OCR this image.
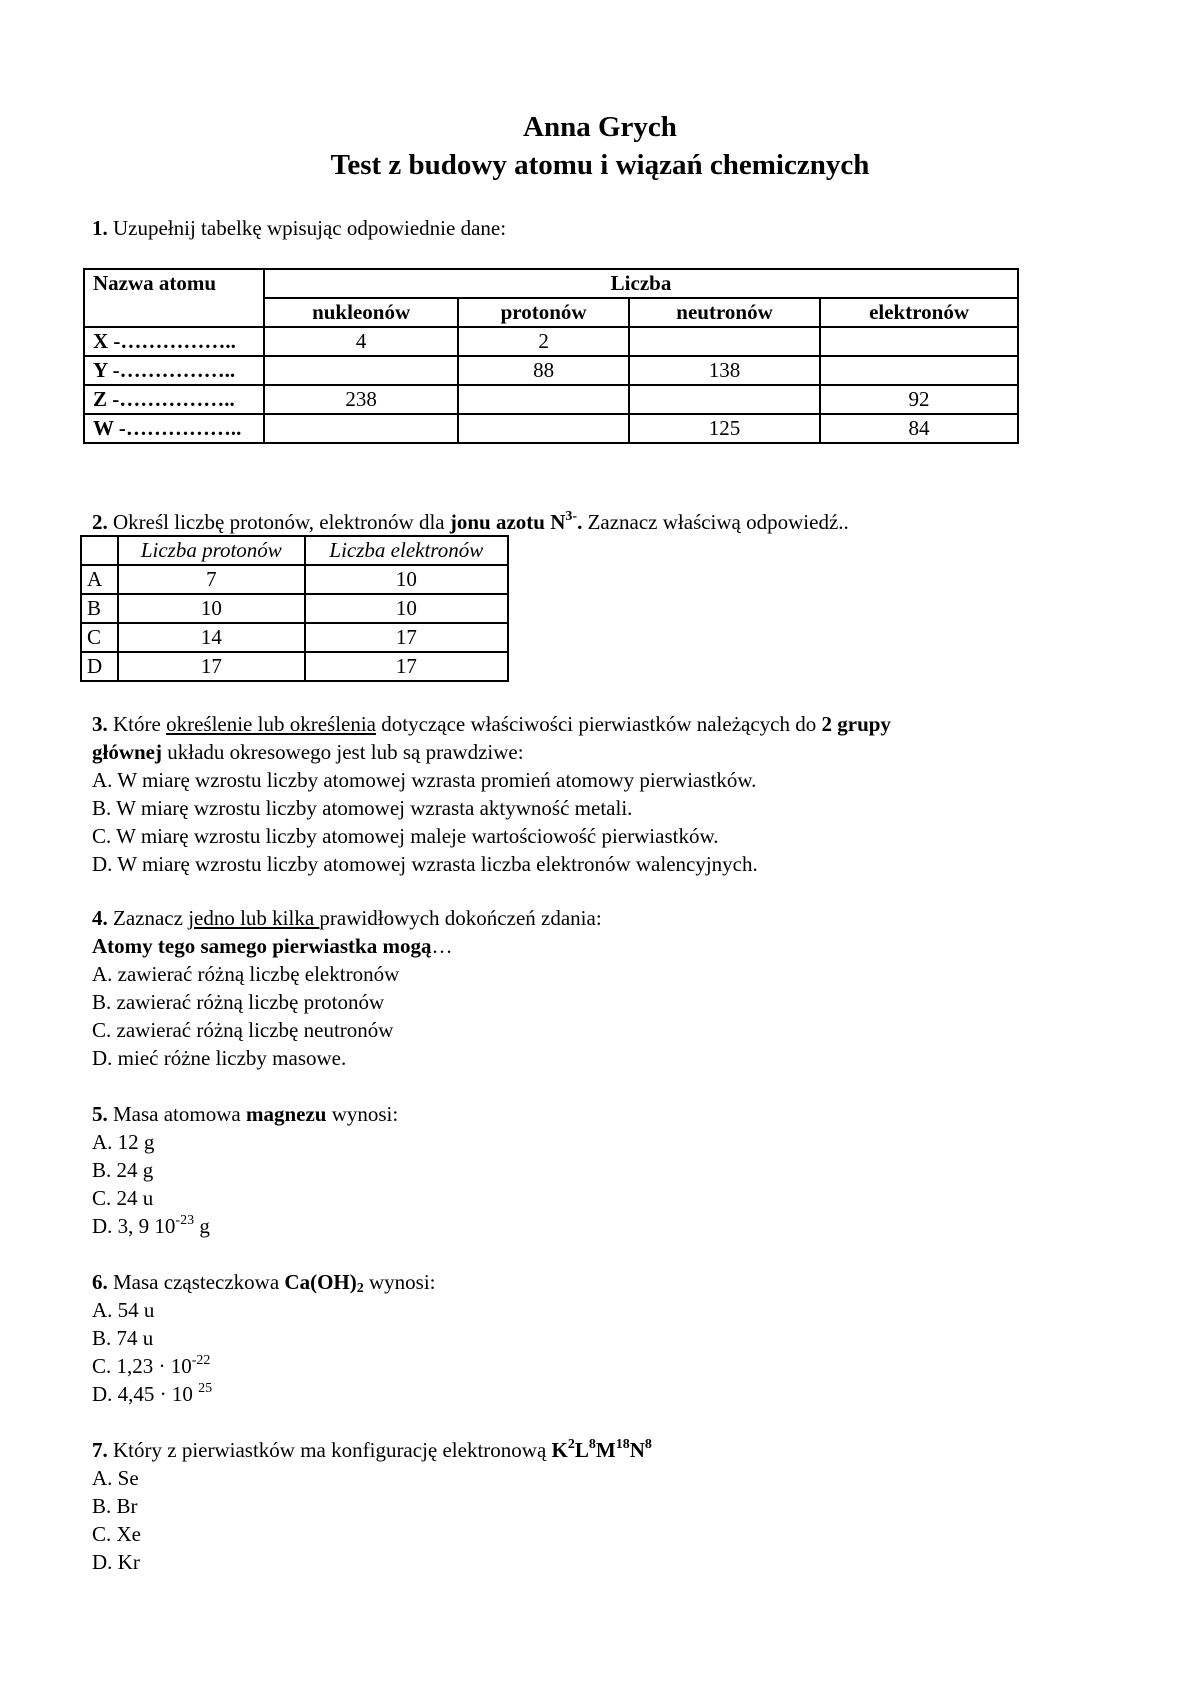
Anna Grych
Test z budowy atomu i wiązań chemicznych
1. Uzupełnij tabelkę wpisując odpowiednie dane:
Nazwa atomu	Liczba			
	nukleonów	protonów	neutronów	elektronów
X -……………..	4	2		
Y -……………..		88	138	
Z -……………..	238			92
W -……………..			125	84
2. Określ liczbę protonów, elektronów dla jonu azotu $N^{3-}$. Zaznacz właściwą odpowiedź..
	Liczba protonów	Liczba elektronów
A	7	10
B	10	10
C	14	17
D	17	17
3. Które określenie lub określenia dotyczące właściwości pierwiastków należących do 2 grupy
głównej układu okresowego jest lub są prawdziwe:
A. W miarę wzrostu liczby atomowej wzrasta promień atomowy pierwiastków.
B. W miarę wzrostu liczby atomowej wzrasta aktywność metali.
C. W miarę wzrostu liczby atomowej maleje wartościowość pierwiastków.
D. W miarę wzrostu liczby atomowej wzrasta liczba elektronów walencyjnych.
4. Zaznacz jedno lub kilka prawidłowych dokończeń zdania:
Atomy tego samego pierwiastka mogą…
A. zawierać różną liczbę elektronów
B. zawierać różną liczbę protonów
C. zawierać różną liczbę neutronów
D. mieć różne liczby masowe.
5. Masa atomowa magnezu wynosi:
A. 12 g
B. 24 g
C. 24 u
D. 3, 9 $10^{-23}$ g
6. Masa cząsteczkowa $Ca(OH)_2$ wynosi:
A. 54 u
B. 74 u
C. $1,23 \cdot 10^{-22}$
D. 4,45 · 10 $^{25}$
7. Który z pierwiastków ma konfigurację elektronową $K^2L^8M^{18}N^8$
A. Se
B. Br
C. Xe
D. Kr
